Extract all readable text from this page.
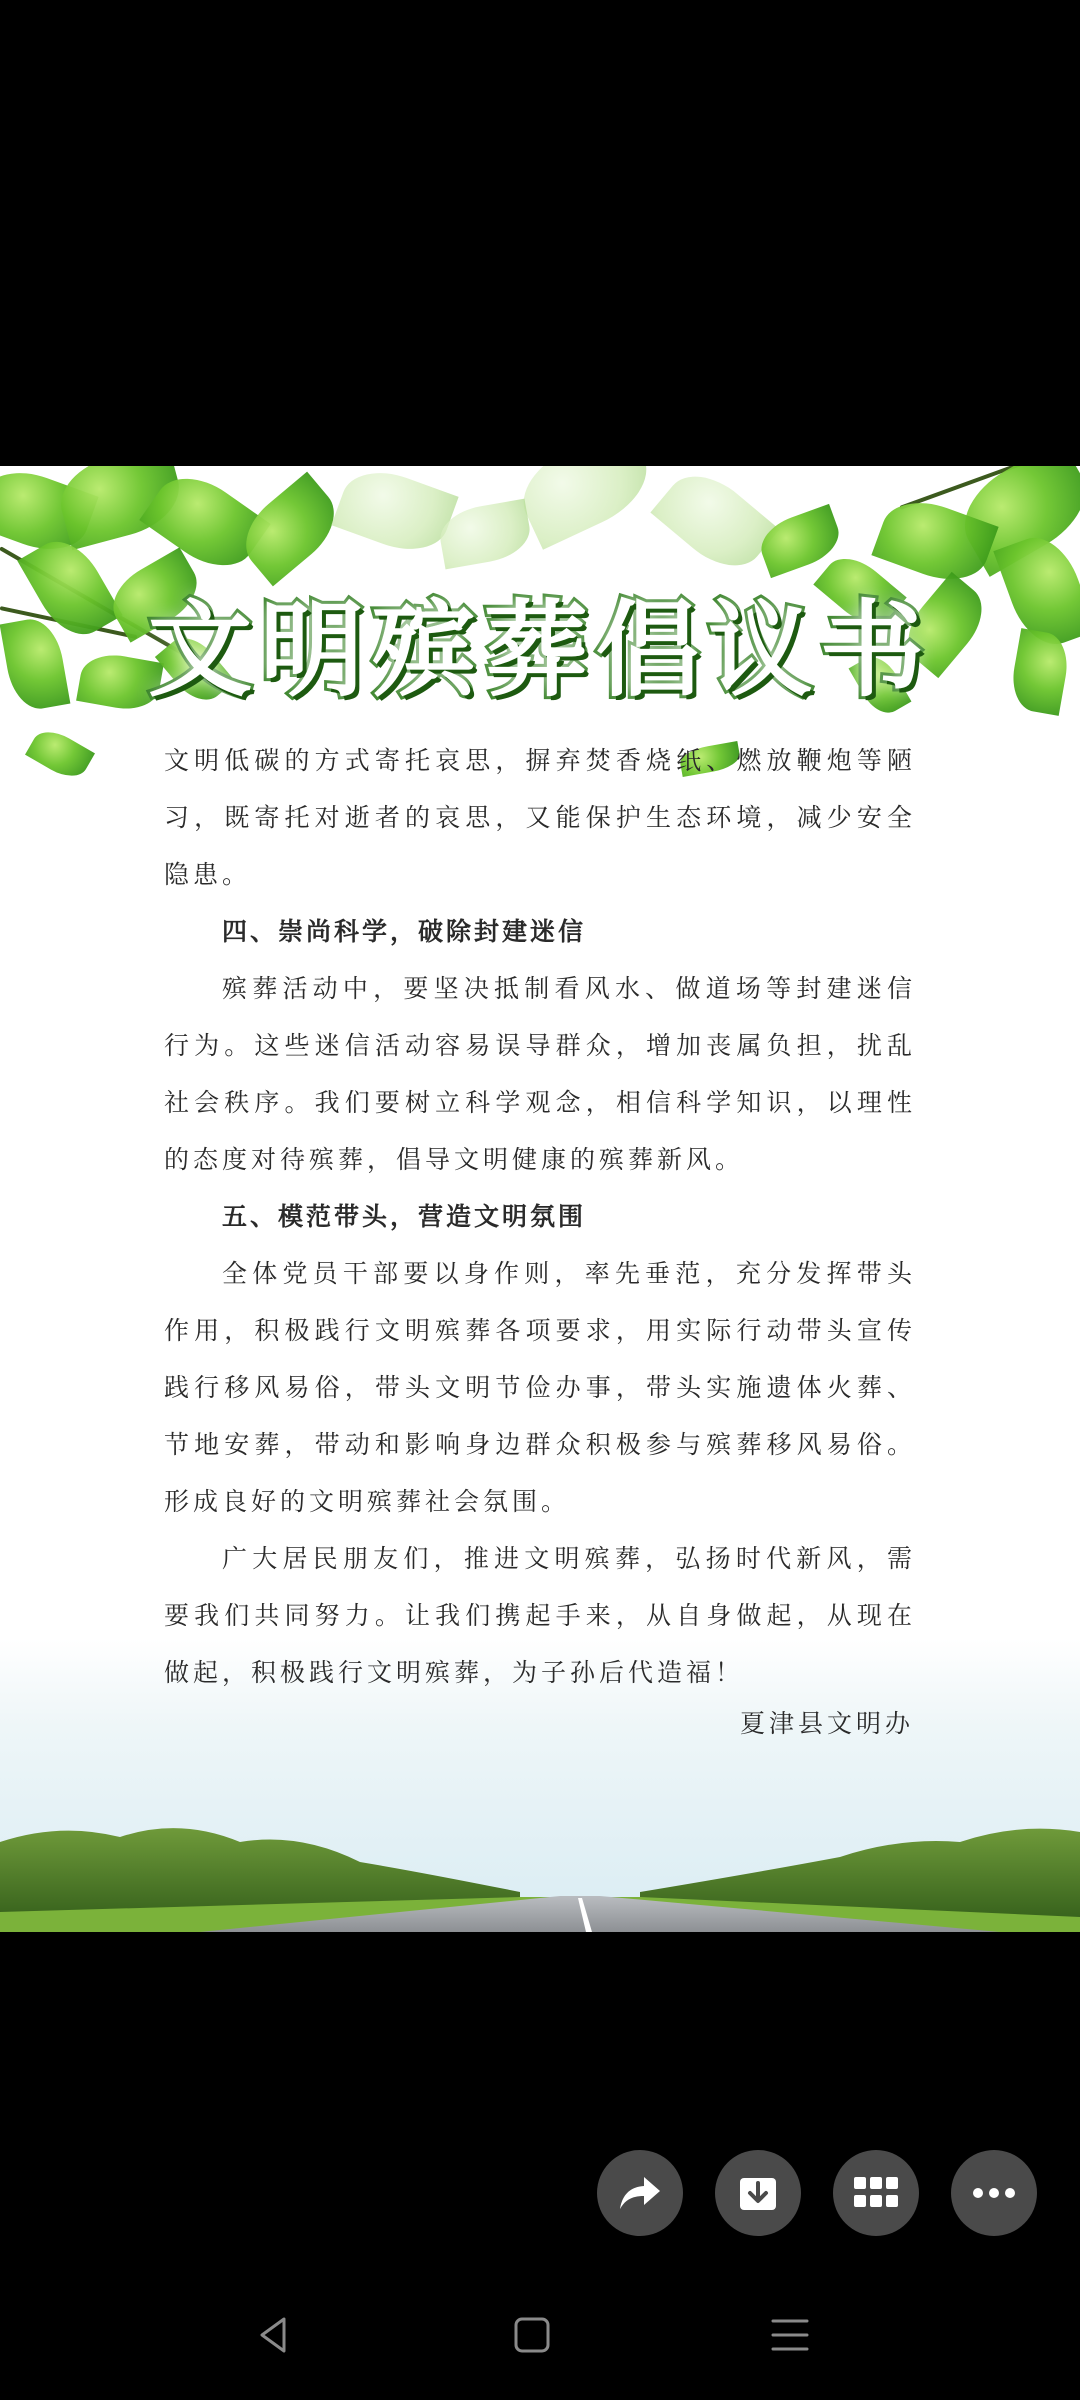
文明殡葬倡议书

文明低碳的方式寄托哀思，摒弃焚香烧纸、燃放鞭炮等陋习，既寄托对逝者的哀思，又能保护生态环境，减少安全隐患。

四、崇尚科学，破除封建迷信

殡葬活动中，要坚决抵制看风水、做道场等封建迷信行为。这些迷信活动容易误导群众，增加丧属负担，扰乱社会秩序。我们要树立科学观念，相信科学知识，以理性的态度对待殡葬，倡导文明健康的殡葬新风。

五、模范带头，营造文明氛围

全体党员干部要以身作则，率先垂范，充分发挥带头作用，积极践行文明殡葬各项要求，用实际行动带头宣传践行移风易俗，带头文明节俭办事，带头实施遗体火葬、节地安葬，带动和影响身边群众积极参与殡葬移风易俗。形成良好的文明殡葬社会氛围。

广大居民朋友们，推进文明殡葬，弘扬时代新风，需要我们共同努力。让我们携起手来，从自身做起，从现在做起，积极践行文明殡葬，为子孙后代造福！

夏津县文明办
